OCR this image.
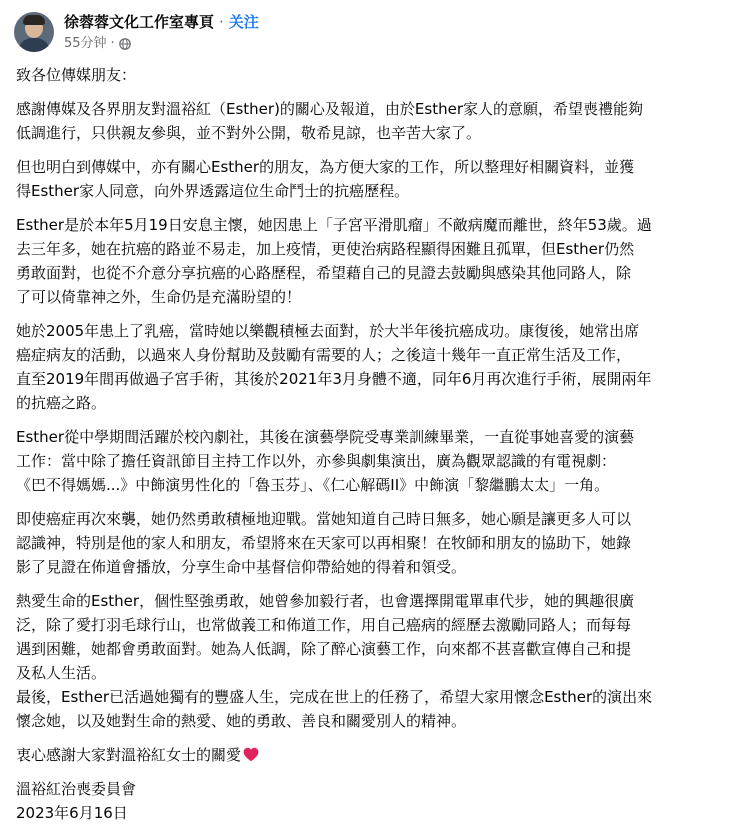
徐蓉蓉文化工作室專頁 · 关注
55分钟 ·

致各位傳媒朋友：

感謝傳媒及各界朋友對溫裕紅（Esther)的關心及報道，由於Esther家人的意願，希望喪禮能夠
低調進行，只供親友參與，並不對外公開，敬希見諒，也辛苦大家了。

但也明白到傳媒中，亦有關心Esther的朋友，為方便大家的工作，所以整理好相關資料，並獲
得Esther家人同意，向外界透露這位生命鬥士的抗癌歷程。

Esther是於本年5月19日安息主懷，她因患上「子宮平滑肌瘤」不敵病魔而離世，終年53歲。過
去三年多，她在抗癌的路並不易走，加上疫情，更使治病路程顯得困難且孤單，但Esther仍然
勇敢面對，也從不介意分享抗癌的心路歷程，希望藉自己的見證去鼓勵與感染其他同路人，除
了可以倚靠神之外，生命仍是充滿盼望的！

她於2005年患上了乳癌，當時她以樂觀積極去面對，於大半年後抗癌成功。康復後，她常出席
癌症病友的活動，以過來人身份幫助及鼓勵有需要的人；之後這十幾年一直正常生活及工作，
直至2019年間再做過子宮手術，其後於2021年3月身體不適，同年6月再次進行手術，展開兩年
的抗癌之路。

Esther從中學期間活躍於校內劇社，其後在演藝學院受專業訓練畢業，一直從事她喜愛的演藝
工作：當中除了擔任資訊節目主持工作以外，亦參與劇集演出，廣為觀眾認識的有電視劇：
《巴不得媽媽...》中飾演男性化的「魯玉芬」、《仁心解碼II》中飾演「黎繼鵬太太」一角。

即使癌症再次來襲，她仍然勇敢積極地迎戰。當她知道自己時日無多，她心願是讓更多人可以
認識神，特別是他的家人和朋友，希望將來在天家可以再相聚！在牧師和朋友的協助下，她錄
影了見證在佈道會播放，分享生命中基督信仰帶給她的得着和領受。

熱愛生命的Esther，個性堅強勇敢，她曾參加毅行者，也會選擇開電單車代步，她的興趣很廣
泛，除了愛打羽毛球行山，也常做義工和佈道工作，用自己癌病的經歷去激勵同路人；而每每
遇到困難，她都會勇敢面對。她為人低調，除了醉心演藝工作，向來都不甚喜歡宣傳自己和提
及私人生活。

最後，Esther已活過她獨有的豐盛人生，完成在世上的任務了，希望大家用懷念Esther的演出來
懷念她，以及她對生命的熱愛、她的勇敢、善良和關愛別人的精神。

衷心感謝大家對溫裕紅女士的關愛

溫裕紅治喪委員會

2023年6月16日
